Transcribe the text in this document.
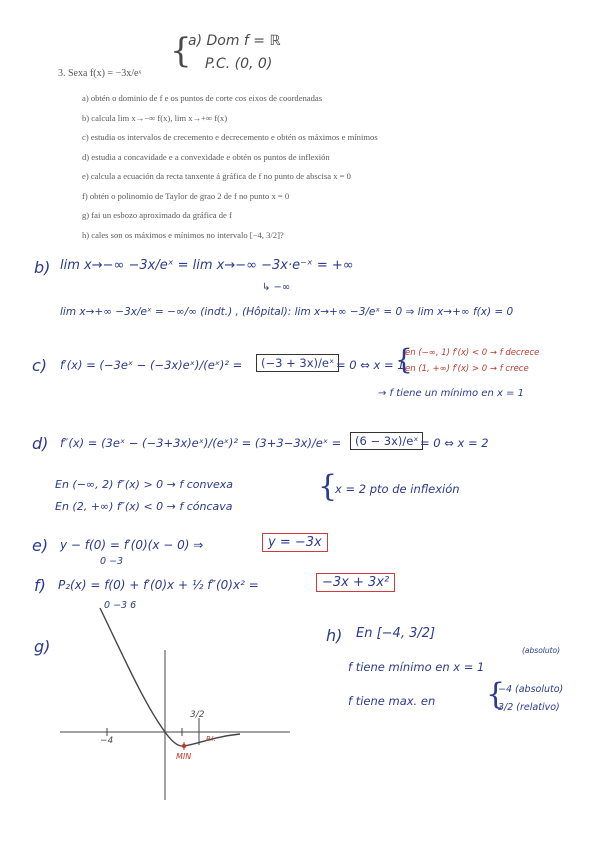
{
a) Dom f = ℝ
P.C. (0, 0)
3. Sexa f(x) = −3x/eˣ
a) obtén o dominio de f e os puntos de corte cos eixos de coordenadas
b) calcula lim x→−∞ f(x), lim x→+∞ f(x)
c) estudia os intervalos de crecemento e decrecemento e obtén os máximos e mínimos
d) estudia a concavidade e a convexidade e obtén os puntos de inflexión
e) calcula a ecuación da recta tanxente á gráfica de f no punto de abscisa x = 0
f) obtén o polinomio de Taylor de grao 2 de f no punto x = 0
g) fai un esbozo aproximado da gráfica de f
h) cales son os máximos e mínimos no intervalo [−4, 3/2]?
b) lim x→−∞ −3x/eˣ = lim x→−∞ −3x·e⁻ˣ = +∞
↳ −∞
lim x→+∞ −3x/eˣ = −∞/∞ (indt.) , (Hôpital): lim x→+∞ −3/eˣ = 0 ⇒ lim x→+∞ f(x) = 0
c) f′(x) = (−3eˣ − (−3x)eˣ)/(eˣ)² =	(−3 + 3x)/eˣ = 0 ⇔ x = 1
{
en (−∞, 1) f′(x) < 0 → f decrece
en (1, +∞) f′(x) > 0 → f crece
→ f tiene un mínimo en x = 1
d) f″(x) = (3eˣ − (−3+3x)eˣ)/(eˣ)² = (3+3−3x)/eˣ =	(6 − 3x)/eˣ = 0 ⇔ x = 2
En (−∞, 2) f″(x) > 0 → f convexa
En (2, +∞) f″(x) < 0 → f cóncava
{
x = 2 pto de inflexión
e) y − f(0) = f′(0)(x − 0) ⇒
0 −3
y = −3x
f) P₂(x) = f(0) + f′(0)x + ½ f″(0)x² =
0 −3 6
−3x + 3x²
g)
−4
3/2
MIN
P.I.
h) En [−4, 3/2]
(absoluto)
f tiene mínimo en x = 1
f tiene max. en {
−4 (absoluto)
3/2 (relativo)
